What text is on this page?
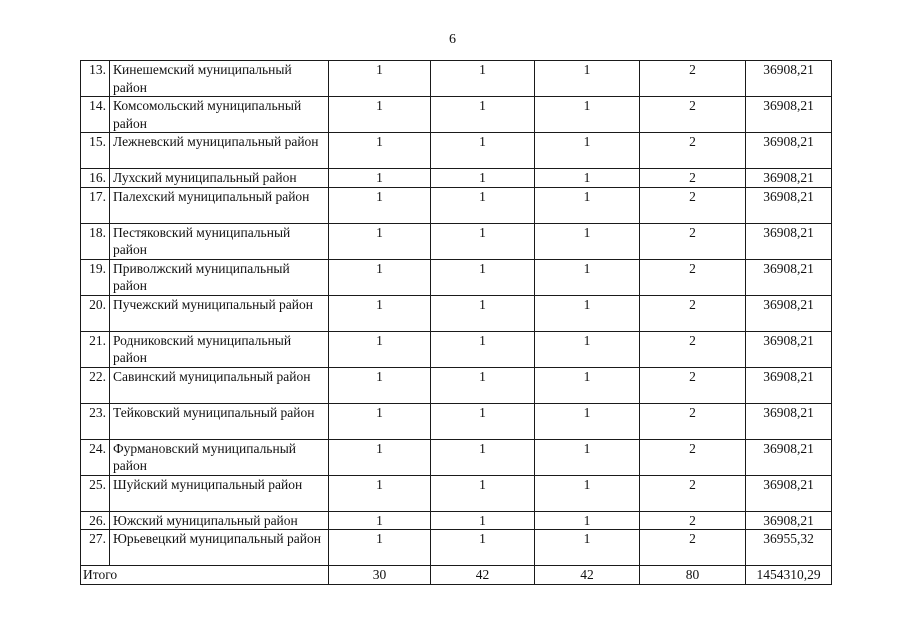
6
13.	Кинешемский муниципальный район	1	1	1	2	36908,21
14.	Комсомольский муниципальный район	1	1	1	2	36908,21
15.	Лежневский муниципальный район	1	1	1	2	36908,21
16.	Лухский муниципальный район	1	1	1	2	36908,21
17.	Палехский муниципальный район	1	1	1	2	36908,21
18.	Пестяковский муниципальный район	1	1	1	2	36908,21
19.	Приволжский муниципальный район	1	1	1	2	36908,21
20.	Пучежский муниципальный район	1	1	1	2	36908,21
21.	Родниковский муниципальный район	1	1	1	2	36908,21
22.	Савинский муниципальный район	1	1	1	2	36908,21
23.	Тейковский муниципальный район	1	1	1	2	36908,21
24.	Фурмановский муниципальный район	1	1	1	2	36908,21
25.	Шуйский муниципальный район	1	1	1	2	36908,21
26.	Южский муниципальный район	1	1	1	2	36908,21
27.	Юрьевецкий муниципальный район	1	1	1	2	36955,32
Итого		30	42	42	80	1454310,29
